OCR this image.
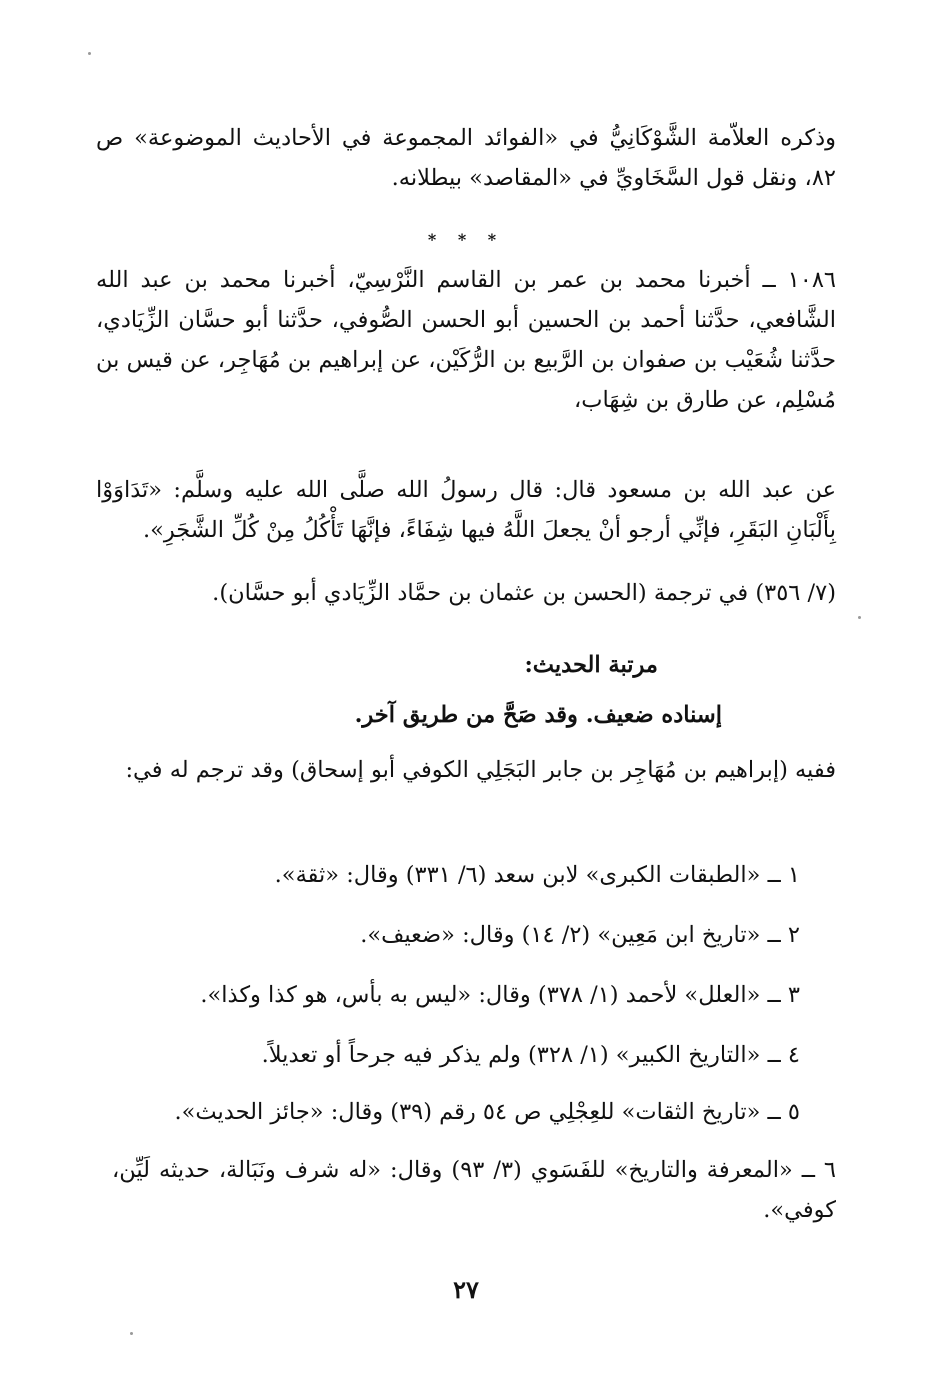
وذكره العلاّمة الشَّوْكَانِيُّ في «الفوائد المجموعة في الأحاديث الموضوعة» ص ٨٢، ونقل قول السَّخَاويِّ في «المقاصد» بيطلانه.
* * *
١٠٨٦ ــ أخبرنا محمد بن عمر بن القاسم النَّرْسِيّ، أخبرنا محمد بن عبد الله الشَّافعي، حدَّثنا أحمد بن الحسين أبو الحسن الصُّوفي، حدَّثنا أبو حسَّان الزِّيَادي، حدَّثنا شُعَيْب بن صفوان بن الرَّبيع بن الرُّكَيْن، عن إبراهيم بن مُهَاجِر، عن قيس بن مُسْلِم، عن طارق بن شِهَاب،
عن عبد الله بن مسعود قال: قال رسولُ الله صلَّى الله عليه وسلَّم: «تَدَاوَوْا بِأَلْبَانِ البَقَرِ، فإنِّي أرجو أنْ يجعلَ اللَّهُ فيها شِفَاءً، فإنَّهَا تَأْكُلُ مِنْ كُلِّ الشَّجَرِ».
(٧/ ٣٥٦) في ترجمة (الحسن بن عثمان بن حمَّاد الزِّيَادي أبو حسَّان).
مرتبة الحديث:
إسناده ضعيف. وقد صَحَّ من طريق آخر.
ففيه (إبراهيم بن مُهَاجِر بن جابر البَجَلِي الكوفي أبو إسحاق) وقد ترجم له في:
١ ــ «الطبقات الكبرى» لابن سعد (٦/ ٣٣١) وقال: «ثقة».
٢ ــ «تاريخ ابن مَعِين» (٢/ ١٤) وقال: «ضعيف».
٣ ــ «العلل» لأحمد (١/ ٣٧٨) وقال: «ليس به بأس، هو كذا وكذا».
٤ ــ «التاريخ الكبير» (١/ ٣٢٨) ولم يذكر فيه جرحاً أو تعديلاً.
٥ ــ «تاريخ الثقات» للعِجْلِي ص ٥٤ رقم (٣٩) وقال: «جائز الحديث».
٦ ــ «المعرفة والتاريخ» للفَسَوي (٣/ ٩٣) وقال: «له شرف ونَبَالة، حديثه لَيِّن، كوفي».
٢٧
